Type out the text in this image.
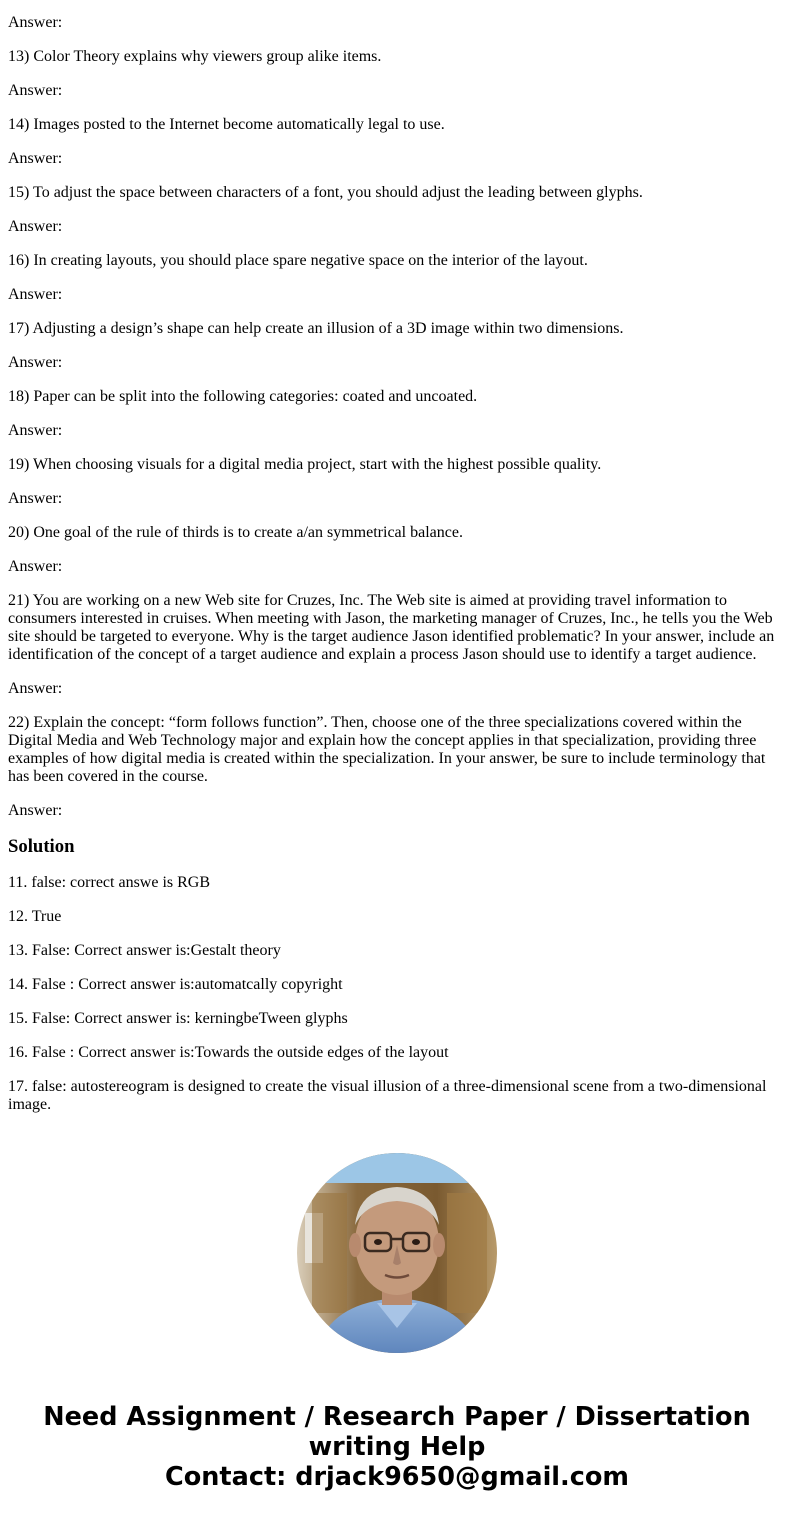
Answer:

13) Color Theory explains why viewers group alike items.

Answer:

14) Images posted to the Internet become automatically legal to use.

Answer:

15) To adjust the space between characters of a font, you should adjust the leading between glyphs.

Answer:

16) In creating layouts, you should place spare negative space on the interior of the layout.

Answer:

17) Adjusting a design’s shape can help create an illusion of a 3D image within two dimensions.

Answer:

18) Paper can be split into the following categories: coated and uncoated.

Answer:

19) When choosing visuals for a digital media project, start with the highest possible quality.

Answer:

20) One goal of the rule of thirds is to create a/an symmetrical balance.

Answer:

21) You are working on a new Web site for Cruzes, Inc. The Web site is aimed at providing travel information to consumers interested in cruises. When meeting with Jason, the marketing manager of Cruzes, Inc., he tells you the Web site should be targeted to everyone. Why is the target audience Jason identified problematic? In your answer, include an identification of the concept of a target audience and explain a process Jason should use to identify a target audience.

Answer:

22) Explain the concept: “form follows function”. Then, choose one of the three specializations covered within the Digital Media and Web Technology major and explain how the concept applies in that specialization, providing three examples of how digital media is created within the specialization. In your answer, be sure to include terminology that has been covered in the course.

Answer:

Solution

11. false: correct answe is RGB

12. True

13. False: Correct answer is:Gestalt theory

14. False : Correct answer is:automatcally copyright

15. False: Correct answer is: kerningbeTween glyphs

16. False : Correct answer is:Towards the outside edges of the layout

17. false: autostereogram is designed to create the visual illusion of a three-dimensional scene from a two-dimensional image.

Need Assignment / Research Paper / Dissertation
writing Help
Contact: drjack9650@gmail.com
